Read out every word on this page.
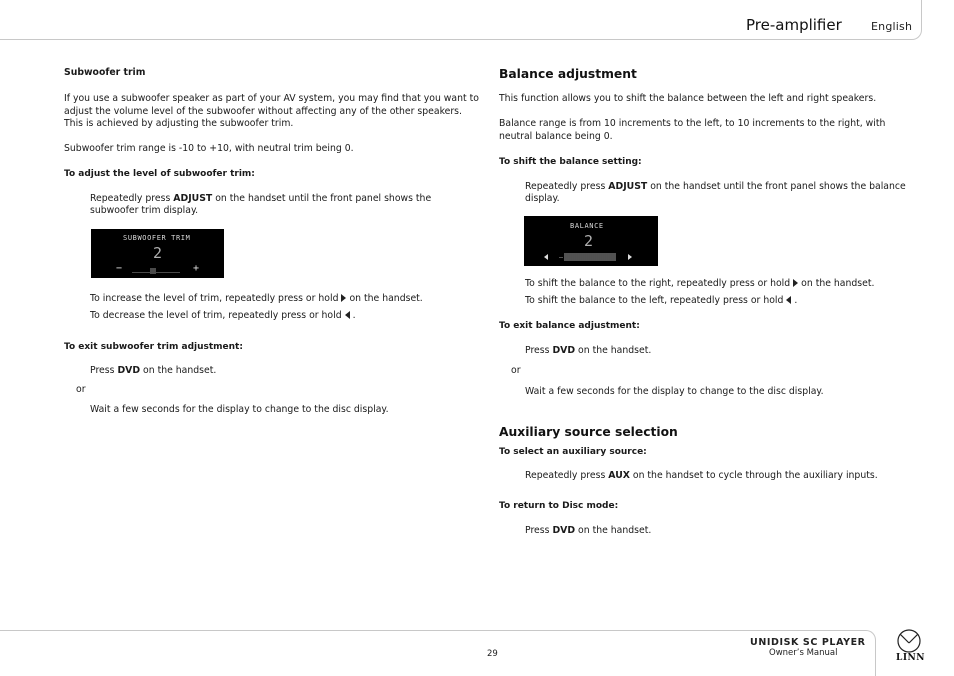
Pre-amplifier	English
Subwoofer trim
If you use a subwoofer speaker as part of your AV system, you may find that you want to
adjust the volume level of the subwoofer without affecting any of the other speakers.
This is achieved by adjusting the subwoofer trim.
Subwoofer trim range is -10 to +10, with neutral trim being 0.
To adjust the level of subwoofer trim:
Repeatedly press ADJUST on the handset until the front panel shows the
subwoofer trim display.
SUBWOOFER TRIM
2
−	+
To increase the level of trim, repeatedly press or hold on the handset.
To decrease the level of trim, repeatedly press or hold .
To exit subwoofer trim adjustment:
Press DVD on the handset.
or
Wait a few seconds for the display to change to the disc display.
Balance adjustment
This function allows you to shift the balance between the left and right speakers.
Balance range is from 10 increments to the left, to 10 increments to the right, with
neutral balance being 0.
To shift the balance setting:
Repeatedly press ADJUST on the handset until the front panel shows the balance
display.
BALANCE
2
To shift the balance to the right, repeatedly press or hold on the handset.
To shift the balance to the left, repeatedly press or hold .
To exit balance adjustment:
Press DVD on the handset.
or
Wait a few seconds for the display to change to the disc display.
Auxiliary source selection
To select an auxiliary source:
Repeatedly press AUX on the handset to cycle through the auxiliary inputs.
To return to Disc mode:
Press DVD on the handset.
29
UNIDISK SC PLAYER
Owner’s Manual	LINN
